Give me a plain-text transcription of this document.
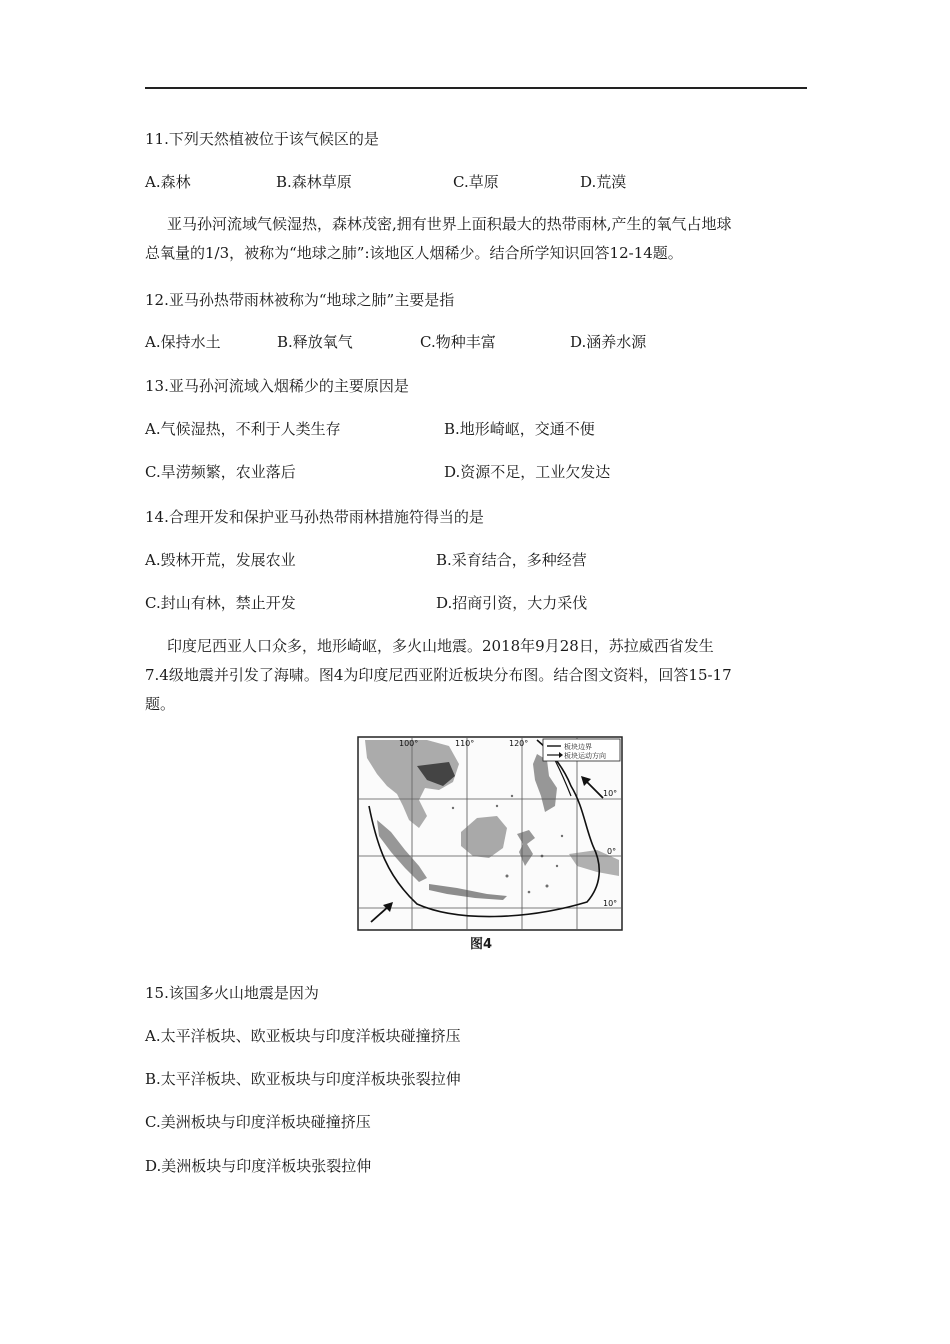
11.下列天然植被位于该气候区的是
A.森林	B.森林草原	C.草原	D.荒漠
亚马孙河流域气候湿热，森林茂密,拥有世界上面积最大的热带雨林,产生的氧气占地球
总氧量的1/3，被称为“地球之肺”:该地区人烟稀少。结合所学知识回答12-14题。
12.亚马孙热带雨林被称为“地球之肺”主要是指
A.保持水土	B.释放氧气	C.物种丰富	D.涵养水源
13.亚马孙河流域入烟稀少的主要原因是
A.气候湿热，不利于人类生存	B.地形崎岖，交通不便
C.旱涝频繁，农业落后	D.资源不足，工业欠发达
14.合理开发和保护亚马孙热带雨林措施符得当的是
A.毁林开荒，发展农业	B.采育结合，多种经营
C.封山有林，禁止开发	D.招商引资，大力采伐
印度尼西亚人口众多，地形崎岖，多火山地震。2018年9月28日，苏拉威西省发生
7.4级地震并引发了海啸。图4为印度尼西亚附近板块分布图。结合图文资料，回答15-17
题。
板块边界
板块运动方向
100°	110°	120°
10°
0°
10°
图4
15.该国多火山地震是因为
A.太平洋板块、欧亚板块与印度洋板块碰撞挤压
B.太平洋板块、欧亚板块与印度洋板块张裂拉伸
C.美洲板块与印度洋板块碰撞挤压
D.美洲板块与印度洋板块张裂拉伸
